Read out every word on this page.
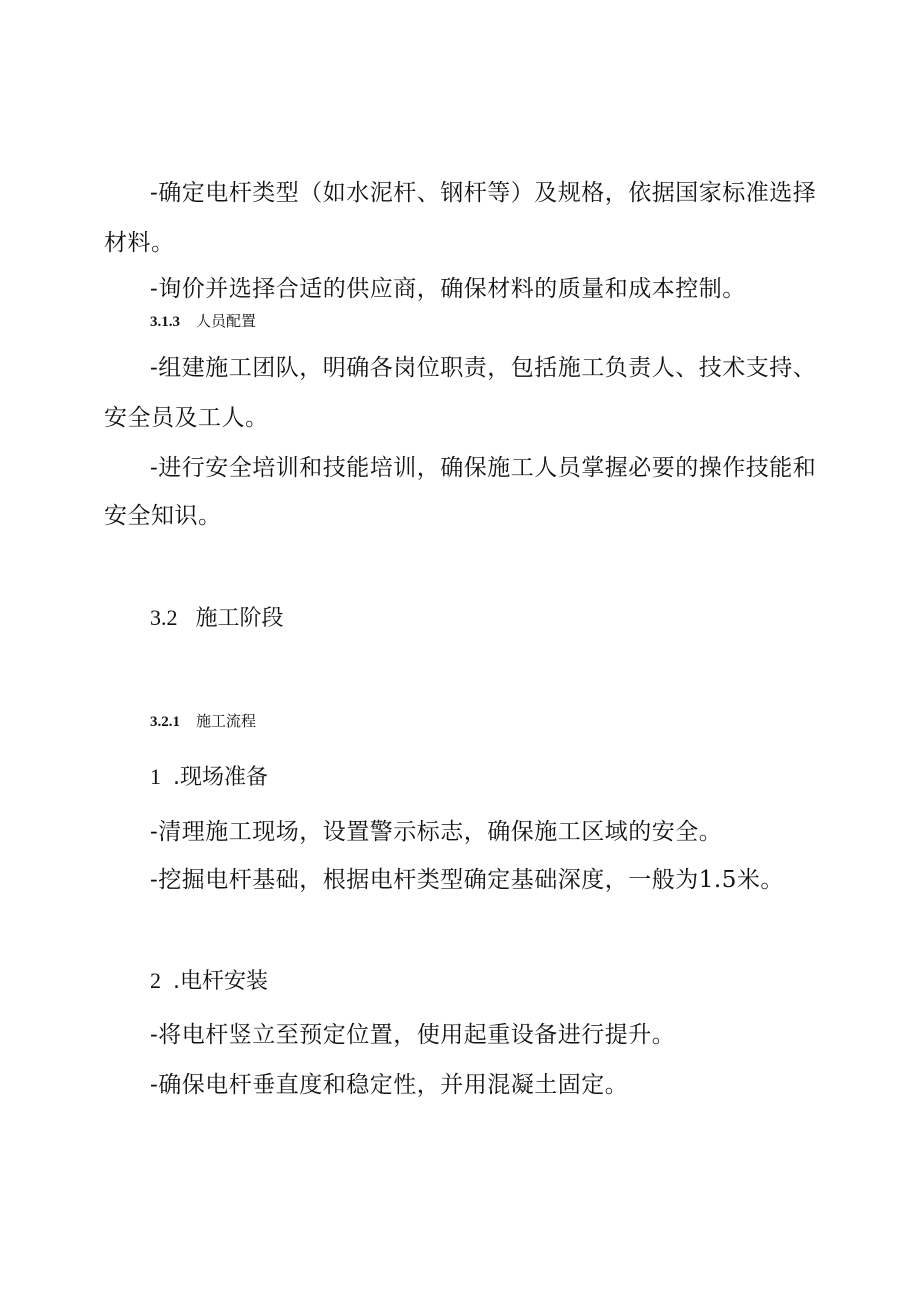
-确定电杆类型（如水泥杆、钢杆等）及规格，依据国家标准选择
材料。
-询价并选择合适的供应商，确保材料的质量和成本控制。
3.1.3 人员配置
-组建施工团队，明确各岗位职责，包括施工负责人、技术支持、
安全员及工人。
-进行安全培训和技能培训，确保施工人员掌握必要的操作技能和
安全知识。
3.2 施工阶段
3.2.1 施工流程
1 .现场准备
-清理施工现场，设置警示标志，确保施工区域的安全。
-挖掘电杆基础，根据电杆类型确定基础深度，一般为1.5米。
2 .电杆安装
-将电杆竖立至预定位置，使用起重设备进行提升。
-确保电杆垂直度和稳定性，并用混凝土固定。
